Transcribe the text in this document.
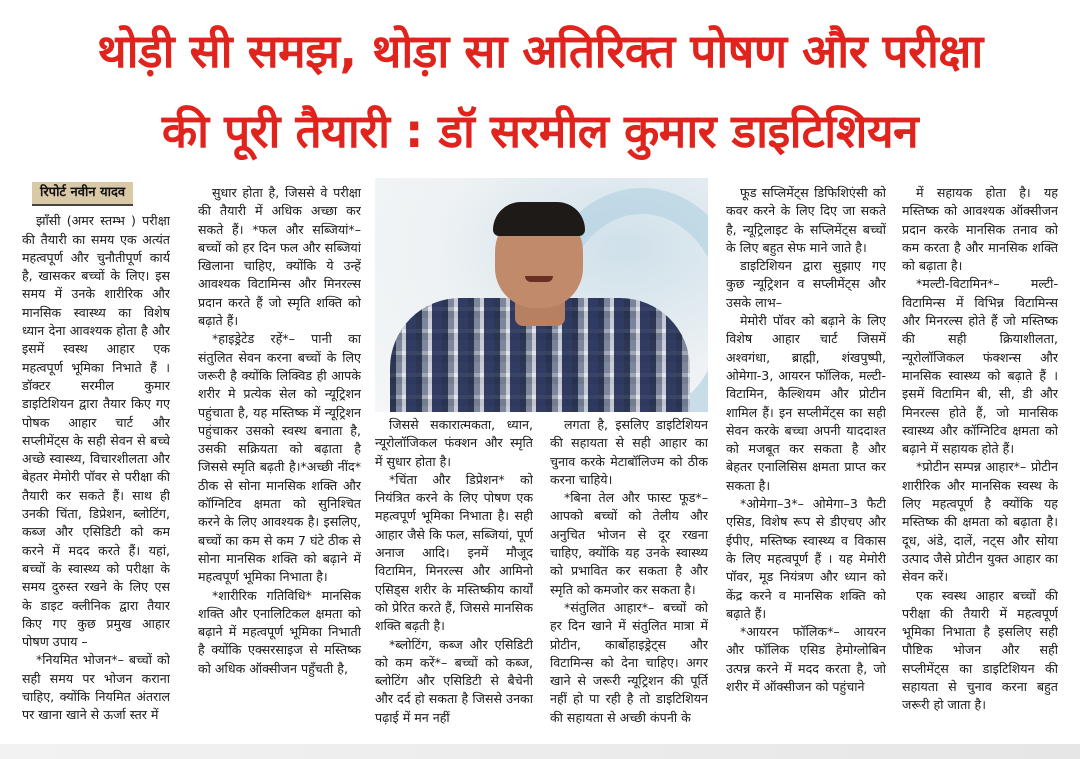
थोड़ी सी समझ, थोड़ा सा अतिरिक्त पोषण और परीक्षा
की पूरी तैयारी : डॉ सरमील कुमार डाइटिशियन
रिपोर्ट नवीन यादव

झाँसी (अमर स्तम्भ ) परीक्षा की तैयारी का समय एक अत्यंत महत्वपूर्ण और चुनौतीपूर्ण कार्य है, खासकर बच्चों के लिए। इस समय में उनके शारीरिक और मानसिक स्वास्थ्य का विशेष ध्यान देना आवश्यक होता है और इसमें स्वस्थ आहार एक महत्वपूर्ण भूमिका निभाते हैं । डॉक्टर सरमील कुमार डाइटिशियन द्वारा तैयार किए गए पोषक आहार चार्ट और सप्लीमेंट्स के सही सेवन से बच्चे अच्छे स्वास्थ्य, विचारशीलता और बेहतर मेमोरी पॉवर से परीक्षा की तैयारी कर सकते हैं। साथ ही उनकी चिंता, डिप्रेशन, ब्लोटिंग, कब्ज और एसिडिटी को कम करने में मदद करते हैं। यहां, बच्चों के स्वास्थ्य को परीक्षा के समय दुरुस्त रखने के लिए एस के डाइट क्लीनिक द्वारा तैयार किए गए कुछ प्रमुख आहार पोषण उपाय –

*नियमित भोजन*– बच्चों को सही समय पर भोजन कराना चाहिए, क्योंकि नियमित अंतराल पर खाना खाने से ऊर्जा स्तर में

सुधार होता है, जिससे वे परीक्षा की तैयारी में अधिक अच्छा कर सकते हैं। *फल और सब्जियां*– बच्चों को हर दिन फल और सब्जियां खिलाना चाहिए, क्योंकि ये उन्हें आवश्यक विटामिन्स और मिनरल्स प्रदान करते हैं जो स्मृति शक्ति को बढ़ाते हैं।

*हाइड्रेटेड रहें*– पानी का संतुलित सेवन करना बच्चों के लिए जरूरी है क्योंकि लिक्विड ही आपके शरीर मे प्रत्येक सेल को न्यूट्रिशन पहुंचाता है, यह मस्तिष्क में न्यूट्रिशन पहुंचाकर उसको स्वस्थ बनाता है, उसकी सक्रियता को बढ़ाता है जिससे स्मृति बढ़ती है।*अच्छी नींद* ठीक से सोना मानसिक शक्ति और कॉग्निटिव क्षमता को सुनिश्चित करने के लिए आवश्यक है। इसलिए, बच्चों का कम से कम 7 घंटे ठीक से सोना मानसिक शक्ति को बढ़ाने में महत्वपूर्ण भूमिका निभाता है।

*शारीरिक गतिविधि* मानसिक शक्ति और एनालिटिकल क्षमता को बढ़ाने में महत्वपूर्ण भूमिका निभाती है क्योंकि एक्सरसाइज से मस्तिष्क को अधिक ऑक्सीजन पहुँचती है,

जिससे सकारात्मकता, ध्यान, न्यूरोलॉजिकल फंक्शन और स्मृति में सुधार होता है।

*चिंता और डिप्रेशन* को नियंत्रित करने के लिए पोषण एक महत्वपूर्ण भूमिका निभाता है। सही आहार जैसे कि फल, सब्जियां, पूर्ण अनाज आदि। इनमें मौजूद विटामिन, मिनरल्स और आमिनो एसिड्स शरीर के मस्तिष्कीय कार्यों को प्रेरित करते हैं, जिससे मानसिक शक्ति बढ़ती है।

*ब्लोटिंग, कब्ज और एसिडिटी को कम करें*– बच्चों को कब्ज, ब्लोटिंग और एसिडिटी से बैचेनी और दर्द हो सकता है जिससे उनका पढ़ाई में मन नहीं

लगता है, इसलिए डाइटिशियन की सहायता से सही आहार का चुनाव करके मेटाबॉलिज्म को ठीक करना चाहिये।

*बिना तेल और फास्ट फूड*– आपको बच्चों को तेलीय और अनुचित भोजन से दूर रखना चाहिए, क्योंकि यह उनके स्वास्थ्य को प्रभावित कर सकता है और स्मृति को कमजोर कर सकता है।

*संतुलित आहार*– बच्चों को हर दिन खाने में संतुलित मात्रा में प्रोटीन, कार्बोहाइड्रेट्स और विटामिन्स को देना चाहिए। अगर खाने से जरूरी न्यूट्रिशन की पूर्ति नहीं हो पा रही है तो डाइटिशियन की सहायता से अच्छी कंपनी के

फूड सप्लिमेंट्स डिफिशिएंसी को कवर करने के लिए दिए जा सकते है, न्यूट्रिलाइट के सप्लिमेंट्स बच्चों के लिए बहुत सेफ माने जाते है।

डाइटिशियन द्वारा सुझाए गए कुछ न्यूट्रिशन व सप्लीमेंट्स और उसके लाभ–

मेमोरी पॉवर को बढ़ाने के लिए विशेष आहार चार्ट जिसमें अश्वगंधा, ब्राह्मी, शंखपुष्पी, ओमेगा-3, आयरन फॉलिक, मल्टी-विटामिन, कैल्शियम और प्रोटीन शामिल हैं। इन सप्लीमेंट्स का सही सेवन करके बच्चा अपनी याददाश्त को मजबूत कर सकता है और बेहतर एनालिसिस क्षमता प्राप्त कर सकता है।

*ओमेगा–3*– ओमेगा–3 फैटी एसिड, विशेष रूप से डीएचए और ईपीए, मस्तिष्क स्वास्थ्य व विकास के लिए महत्वपूर्ण हैं । यह मेमोरी पॉवर, मूड नियंत्रण और ध्यान को केंद्र करने व मानसिक शक्ति को बढ़ाते हैं।

*आयरन फॉलिक*– आयरन और फॉलिक एसिड हेमोग्लोबिन उत्पन्न करने में मदद करता है, जो शरीर में ऑक्सीजन को पहुंचाने

में सहायक होता है। यह मस्तिष्क को आवश्यक ऑक्सीजन प्रदान करके मानसिक तनाव को कम करता है और मानसिक शक्ति को बढ़ाता है।

*मल्टी-विटामिन*– मल्टी-विटामिन्स में विभिन्न विटामिन्स और मिनरल्स होते हैं जो मस्तिष्क की सही क्रियाशीलता, न्यूरोलॉजिकल फंक्शन्स और मानसिक स्वास्थ्य को बढ़ाते हैं । इसमें विटामिन बी, सी, डी और मिनरल्स होते हैं, जो मानसिक स्वास्थ्य और कॉग्निटिव क्षमता को बढ़ाने में सहायक होते हैं।

*प्रोटीन सम्पन्न आहार*– प्रोटीन शारीरिक और मानसिक स्वस्थ के लिए महत्वपूर्ण है क्योंकि यह मस्तिष्क की क्षमता को बढ़ाता है। दूध, अंडे, दालें, नट्स और सोया उत्पाद जैसे प्रोटीन युक्त आहार का सेवन करें।

एक स्वस्थ आहार बच्चों की परीक्षा की तैयारी में महत्वपूर्ण भूमिका निभाता है इसलिए सही पौष्टिक भोजन और सही सप्लीमेंट्स का डाइटिशियन की सहायता से चुनाव करना बहुत जरूरी हो जाता है।
